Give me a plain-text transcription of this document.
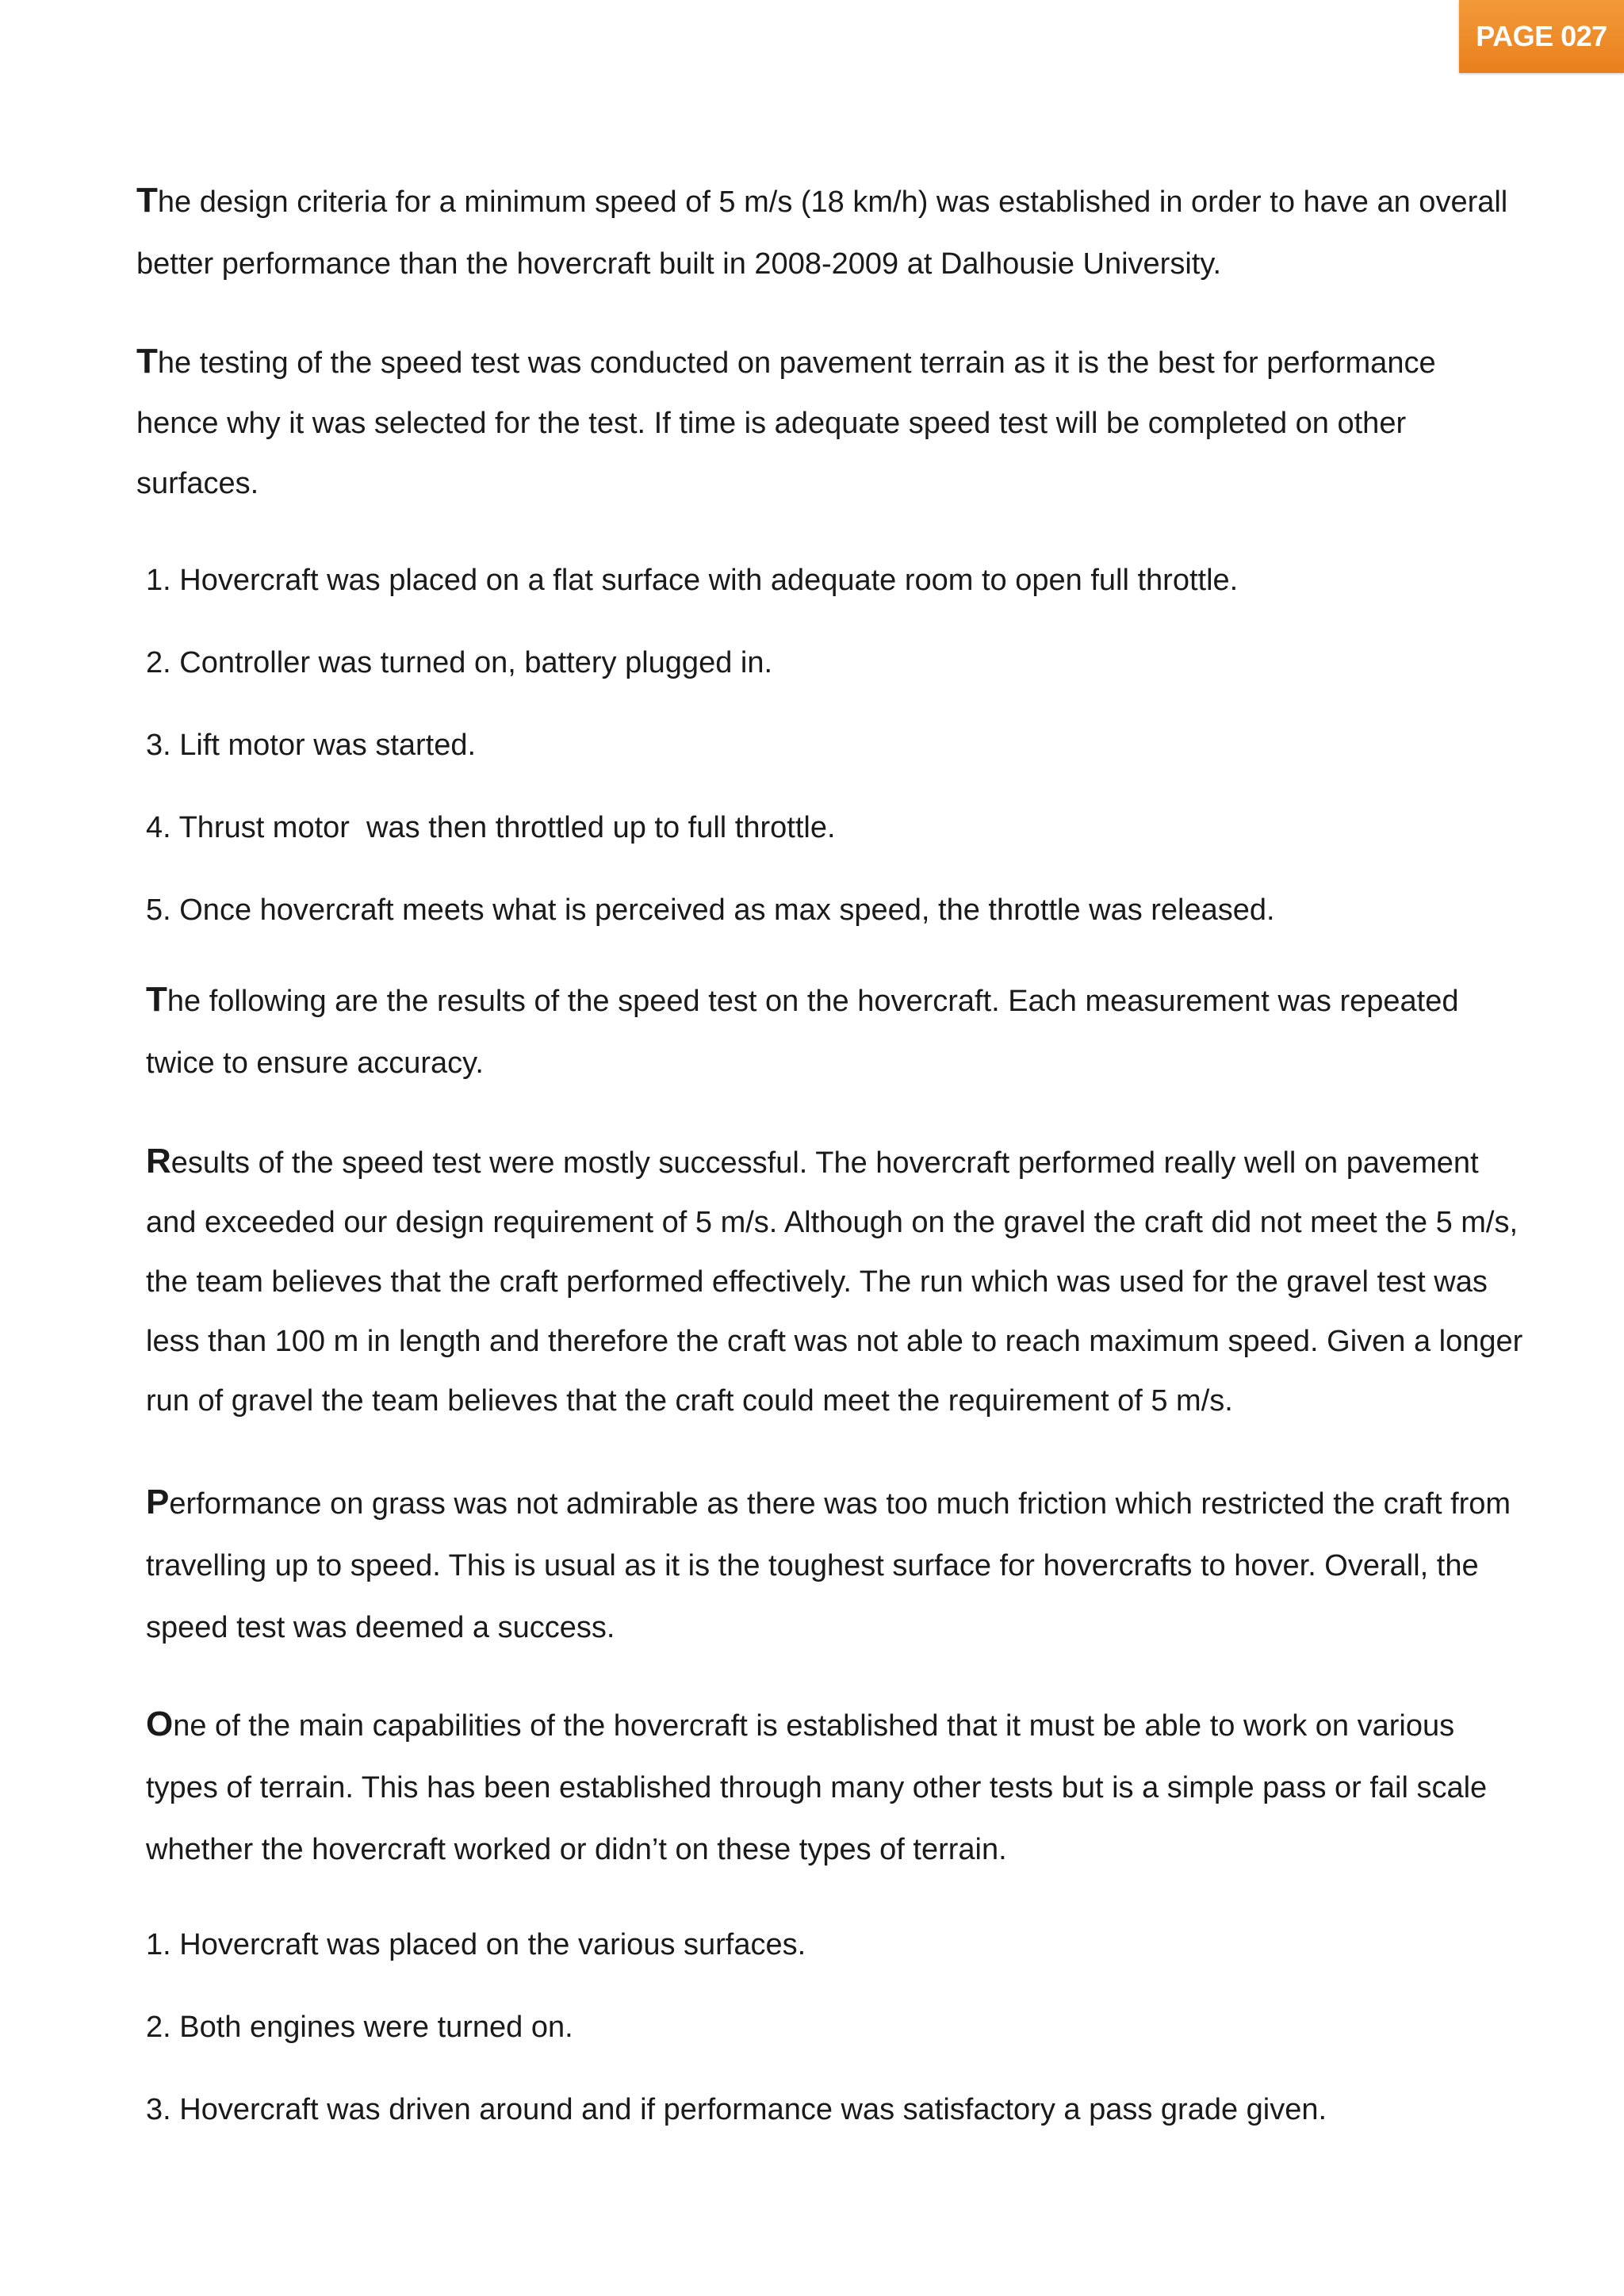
PAGE 027

The design criteria for a minimum speed of 5 m/s (18 km/h) was established in order to have an overall better performance than the hovercraft built in 2008-2009 at Dalhousie University.

The testing of the speed test was conducted on pavement terrain as it is the best for performance hence why it was selected for the test. If time is adequate speed test will be completed on other surfaces.

1. Hovercraft was placed on a flat surface with adequate room to open full throttle.

2. Controller was turned on, battery plugged in.

3. Lift motor was started.

4. Thrust motor  was then throttled up to full throttle.

5. Once hovercraft meets what is perceived as max speed, the throttle was released.

The following are the results of the speed test on the hovercraft. Each measurement was repeated twice to ensure accuracy.

Results of the speed test were mostly successful. The hovercraft performed really well on pavement and exceeded our design requirement of 5 m/s. Although on the gravel the craft did not meet the 5 m/s, the team believes that the craft performed effectively. The run which was used for the gravel test was less than 100 m in length and therefore the craft was not able to reach maximum speed. Given a longer run of gravel the team believes that the craft could meet the requirement of 5 m/s.

Performance on grass was not admirable as there was too much friction which restricted the craft from travelling up to speed. This is usual as it is the toughest surface for hovercrafts to hover. Overall, the speed test was deemed a success.

One of the main capabilities of the hovercraft is established that it must be able to work on various types of terrain. This has been established through many other tests but is a simple pass or fail scale whether the hovercraft worked or didn’t on these types of terrain.

1. Hovercraft was placed on the various surfaces.

2. Both engines were turned on.

3. Hovercraft was driven around and if performance was satisfactory a pass grade given.
